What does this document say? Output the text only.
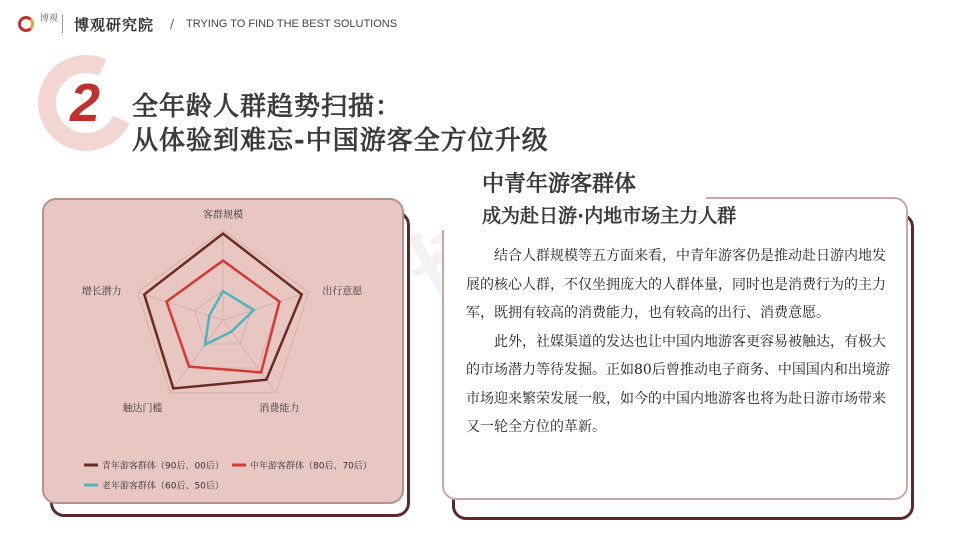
博观 博观研究院 / TRYING TO FIND THE BEST SOLUTIONS
2 全年龄人群趋势扫描：
从体验到难忘-中国游客全方位升级
客群规模
出行意愿
消费能力
触达门槛
增长潜力
青年游客群体（90后、00后）	中年游客群体（80后、70后）
老年游客群体（60后、50后）
中青年游客群体
成为赴日游·内地市场主力人群

结合人群规模等五方面来看，中青年游客仍是推动赴日游内地发展的核心人群，不仅坐拥庞大的人群体量，同时也是消费行为的主力军，既拥有较高的消费能力，也有较高的出行、消费意愿。

此外，社媒渠道的发达也让中国内地游客更容易被触达，有极大的市场潜力等待发掘。正如80后曾推动电子商务、中国国内和出境游市场迎来繁荣发展一般，如今的中国内地游客也将为赴日游市场带来又一轮全方位的革新。
